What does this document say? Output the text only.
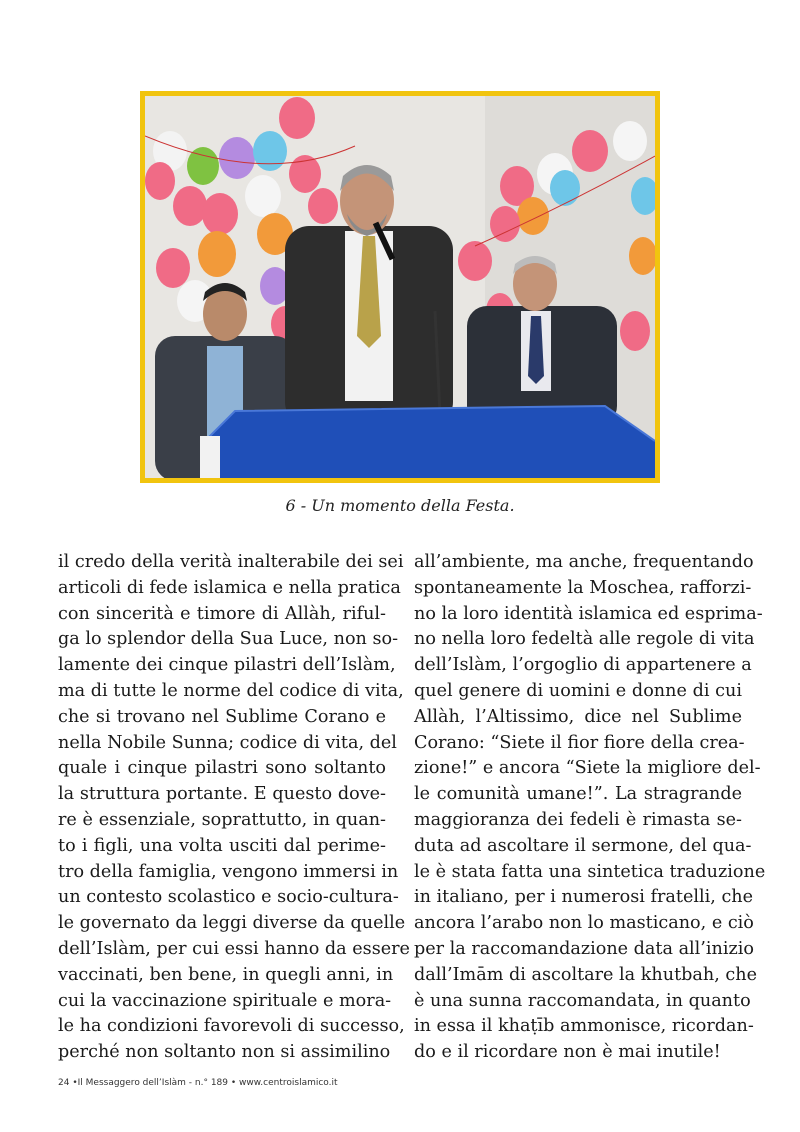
6 - Un momento della Festa.
il credo della verità inalterabile dei sei
articoli di fede islamica e nella pratica
con sincerità e timore di Allàh, riful-
ga lo splendor della Sua Luce, non so-
lamente dei cinque pilastri dell’Islàm,
ma di tutte le norme del codice di vita,
che si trovano nel Sublime Corano e
nella Nobile Sunna; codice di vita, del
quale i cinque pilastri sono soltanto
la struttura portante. E questo dove-
re è essenziale, soprattutto, in quan-
to i figli, una volta usciti dal perime-
tro della famiglia, vengono immersi in
un contesto scolastico e socio-cultura-
le governato da leggi diverse da quelle
dell’Islàm, per cui essi hanno da essere
vaccinati, ben bene, in quegli anni, in
cui la vaccinazione spirituale e mora-
le ha condizioni favorevoli di successo,
perché non soltanto non si assimilino
all’ambiente, ma anche, frequentando
spontaneamente la Moschea, rafforzi-
no la loro identità islamica ed esprima-
no nella loro fedeltà alle regole di vita
dell’Islàm, l’orgoglio di appartenere a
quel genere di uomini e donne di cui
Allàh, l’Altissimo, dice nel Sublime
Corano: “Siete il fior fiore della crea-
zione!” e ancora “Siete la migliore del-
le comunità umane!”. La stragrande
maggioranza dei fedeli è rimasta se-
duta ad ascoltare il sermone, del qua-
le è stata fatta una sintetica traduzione
in italiano, per i numerosi fratelli, che
ancora l’arabo non lo masticano, e ciò
per la raccomandazione data all’inizio
dall’Imām di ascoltare la khutbah, che
è una sunna raccomandata, in quanto
in essa il khaṭīb ammonisce, ricordan-
do e il ricordare non è mai inutile!
24 •Il Messaggero dell’Islàm - n.° 189 • www.centroislamico.it
